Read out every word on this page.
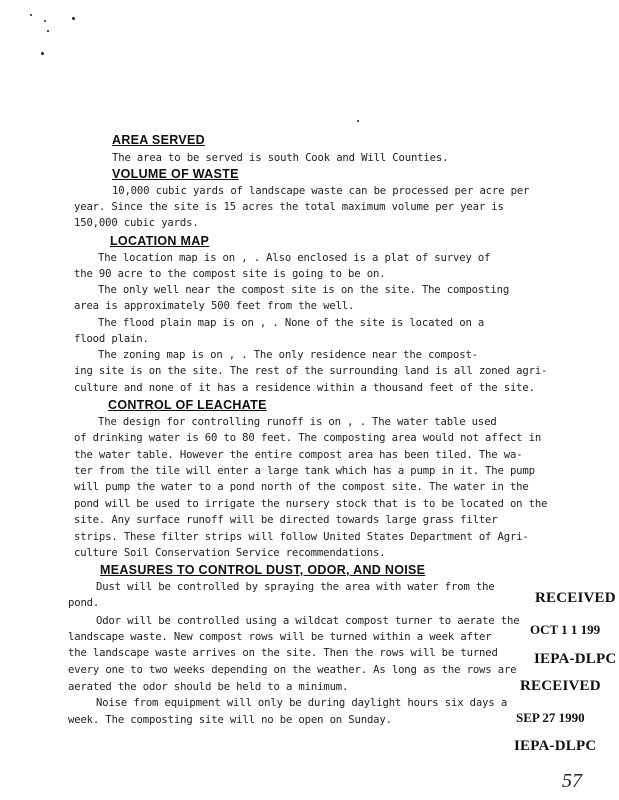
AREA SERVED
The area to be served is south Cook and Will Counties.
VOLUME OF WASTE
10,000 cubic yards of landscape waste can be processed per acre per
year. Since the site is 15 acres the total maximum volume per year is
150,000 cubic yards.
LOCATION MAP
The location map is on , . Also enclosed is a plat of survey of
the 90 acre to the compost site is going to be on.
The only well near the compost site is on the site. The composting
area is approximately 500 feet from the well.
The flood plain map is on , . None of the site is located on a
flood plain.
The zoning map is on , . The only residence near the compost-
ing site is on the site. The rest of the surrounding land is all zoned agri-
culture and none of it has a residence within a thousand feet of the site.
CONTROL OF LEACHATE
The design for controlling runoff is on , . The water table used
of drinking water is 60 to 80 feet. The composting area would not affect in
the water table. However the entire compost area has been tiled. The wa-
ter from the tile will enter a large tank which has a pump in it. The pump
will pump the water to a pond north of the compost site. The water in the
pond will be used to irrigate the nursery stock that is to be located on the
site. Any surface runoff will be directed towards large grass filter
strips. These filter strips will follow United States Department of Agri-
culture Soil Conservation Service recommendations.
MEASURES TO CONTROL DUST, ODOR, AND NOISE
Dust will be controlled by spraying the area with water from the
pond.
Odor will be controlled using a wildcat compost turner to aerate the
landscape waste. New compost rows will be turned within a week after
the landscape waste arrives on the site. Then the rows will be turned
every one to two weeks depending on the weather. As long as the rows are
aerated the odor should be held to a minimum.
Noise from equipment will only be during daylight hours six days a
week. The composting site will no be open on Sunday.
RECEIVED
OCT 1 1 199
IEPA-DLPC
RECEIVED
SEP 27 1990
IEPA-DLPC
57
